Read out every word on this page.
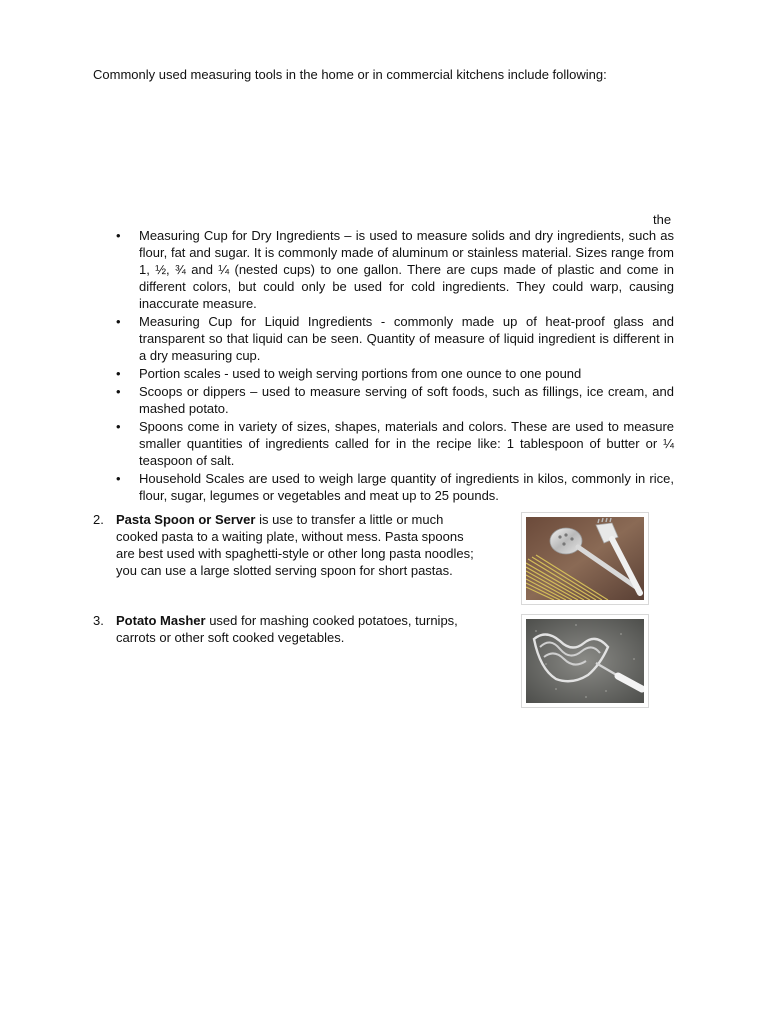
Commonly used measuring tools in the home or in commercial kitchens include following:
the
• Measuring Cup for Dry Ingredients – is used to measure solids and dry ingredients, such as flour, fat and sugar. It is commonly made of aluminum or stainless material. Sizes range from 1, ½, ¾ and ¼ (nested cups) to one gallon. There are cups made of plastic and come in different colors, but could only be used for cold ingredients. They could warp, causing inaccurate measure.
• Measuring Cup for Liquid Ingredients - commonly made up of heat-proof glass and transparent so that liquid can be seen. Quantity of measure of liquid ingredient is different in a dry measuring cup.
• Portion scales - used to weigh serving portions from one ounce to one pound
• Scoops or dippers – used to measure serving of soft foods, such as fillings, ice cream, and mashed potato.
• Spoons come in variety of sizes, shapes, materials and colors. These are used to measure smaller quantities of ingredients called for in the recipe like: 1 tablespoon of butter or ¼ teaspoon of salt.
• Household Scales are used to weigh large quantity of ingredients in kilos, commonly in rice, flour, sugar, legumes or vegetables and meat up to 25 pounds.
2. Pasta Spoon or Server is use to transfer a little or much cooked pasta to a waiting plate, without mess. Pasta spoons are best used with spaghetti-style or other long pasta noodles; you can use a large slotted serving spoon for short pastas.
3. Potato Masher used for mashing cooked potatoes, turnips, carrots or other soft cooked vegetables.
